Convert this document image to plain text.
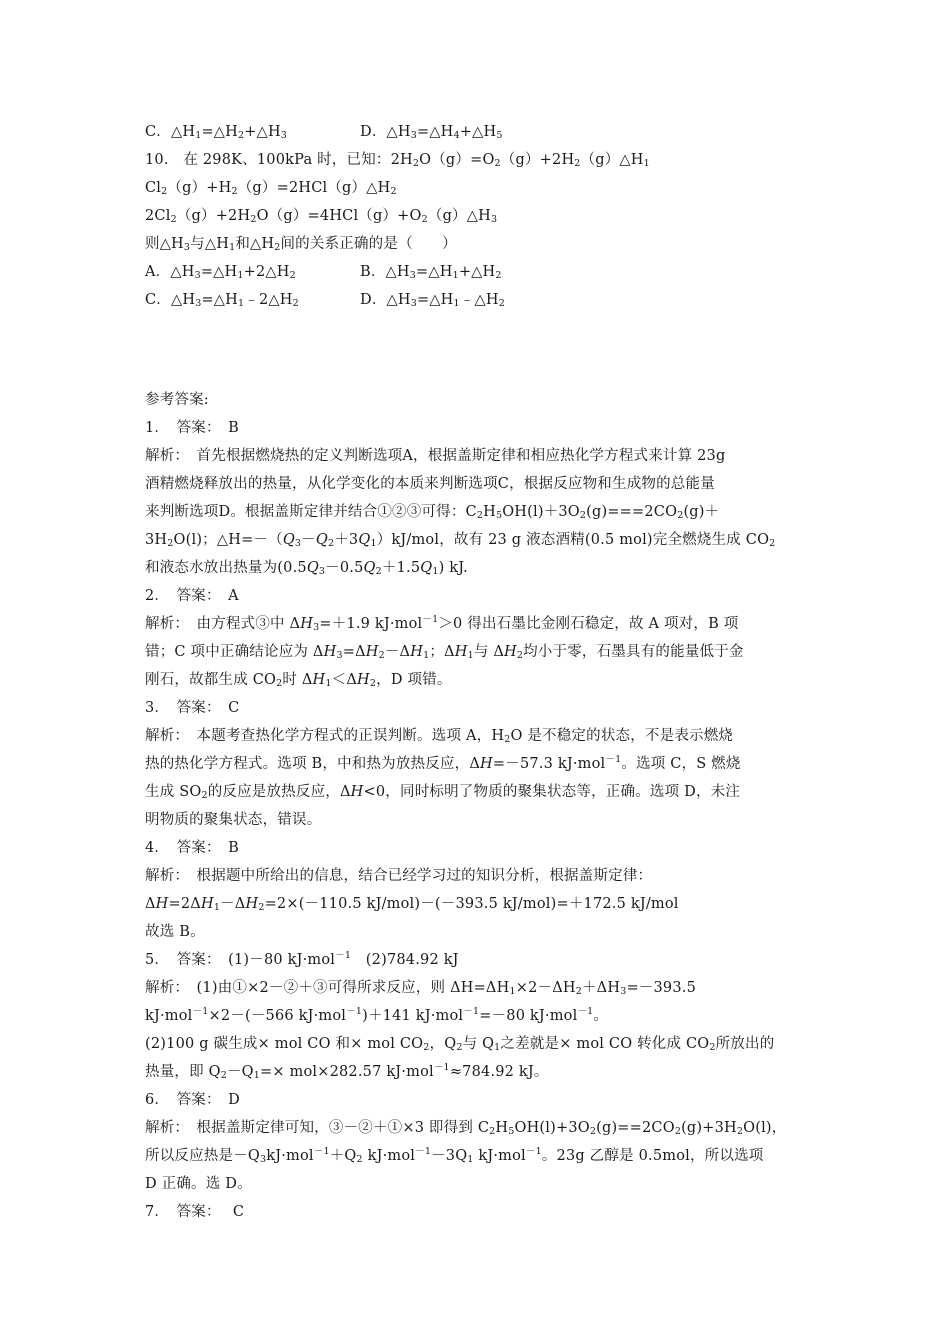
C．$\triangle H_1=\triangle H_2+\triangle H_3$	D．$\triangle H_3=\triangle H_4+\triangle H_5$
10.　在 298K、100kPa 时，已知：$2H_2O(g)=O_2(g)+2H_2(g)\triangle H_1$
$Cl_2(g)+H_2(g)=2HCl(g)\triangle H_2$
$2Cl_2(g)+2H_2O(g)=4HCl(g)+O_2(g)\triangle H_3$
则$\triangle H_3$与$\triangle H_1$和$\triangle H_2$间的关系正确的是（　　）
A．$\triangle H_3=\triangle H_1+2\triangle H_2$	B．$\triangle H_3=\triangle H_1+\triangle H_2$
C．$\triangle H_3=\triangle H_1﹣2\triangle H_2$	D．$\triangle H_3=\triangle H_1﹣\triangle H_2$
参考答案:
1．　答案：　B
解析：　首先根据燃烧热的定义判断选项A，根据盖斯定律和相应热化学方程式来计算 23g
酒精燃烧释放出的热量，从化学变化的本质来判断选项C，根据反应物和生成物的总能量
来判断选项D。根据盖斯定律并结合①②③可得：$C_2H_5OH(l)+3O_2(g)===2CO_2(g)+$
$3H_2O(l)$；$\triangle H=-(Q_3-Q_2+3Q_1)kJ$/mol，故有 23 g 液态酒精(0.5 mol)完全燃烧生成 $CO_2$
和液态水放出热量为$(0.5Q_3-0.5Q_2+1.5Q_1)$ kJ.
2．　答案：　A
解析：　由方程式③中 $\Delta H_3=+1.9$ kJ·mol$^{-1}$＞0 得出石墨比金刚石稳定，故 A 项对，B 项
错；C 项中正确结论应为 $\Delta H_3=\Delta H_2-\Delta H_1$；$\Delta H_1$与 $\Delta H_2$均小于零，石墨具有的能量低于金
刚石，故都生成 $CO_2$时 $\Delta H_1<\Delta H_2$，D 项错。
3．　答案：　C
解析：　本题考查热化学方程式的正误判断。选项 A，$H_2O$ 是不稳定的状态，不是表示燃烧
热的热化学方程式。选项 B，中和热为放热反应，ΔH=－57.3 kJ·mol$^{-1}$。选项 C，S 燃烧
生成 $SO_2$的反应是放热反应，ΔH<0，同时标明了物质的聚集状态等，正确。选项 D，未注
明物质的聚集状态，错误。
4．　答案：　B
解析：　根据题中所给出的信息，结合已经学习过的知识分析，根据盖斯定律：
$\Delta H=2\Delta H_1-\Delta H_2=2\times(-110.5$ kJ/mol)－(－393.5 kJ/mol)=＋172.5 kJ/mol
故选 B。
5．　答案：　(1)－80 kJ·mol$^{-1}$　(2)784.92 kJ
解析：　(1)由①×2－②＋③可得所求反应，则 $\Delta H=\Delta H_1\times 2-\Delta H_2+\Delta H_3=-393.5$
kJ·mol$^{-1}$×2－(－566 kJ·mol$^{-1}$)＋141 kJ·mol$^{-1}$=－80 kJ·mol$^{-1}$。
(2)100 g 碳生成× mol CO 和× mol $CO_2$，$Q_2$与 $Q_1$之差就是× mol CO 转化成 $CO_2$所放出的
热量，即 $Q_2-Q_1=\times mol\times 282.57$ kJ·mol$^{-1}$≈784.92 kJ。
6．　答案：　D
解析：　根据盖斯定律可知，③－②＋①×3 即得到 $C_2H_5OH(l)+3O_2(g)==2CO_2(g)+3H_2O(l)$，
所以反应热是$-Q_3kJ\cdot mol^{-1}+Q_2$ $kJ\cdot mol^{-1}-3Q_1$ kJ·mol$^{-1}$。23g 乙醇是 0.5mol，所以选项
D 正确。选 D。
7．　答案：　 C
